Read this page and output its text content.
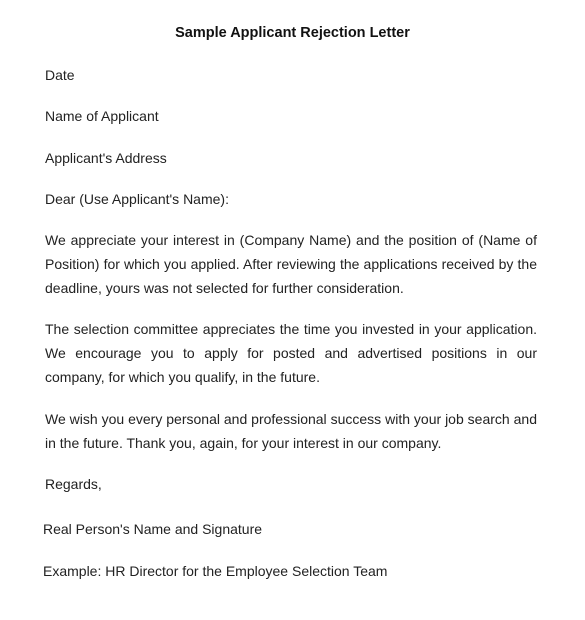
Sample Applicant Rejection Letter

Date

Name of Applicant

Applicant's Address

Dear (Use Applicant's Name):

We appreciate your interest in (Company Name) and the position of (Name of Position) for which you applied. After reviewing the applications received by the deadline, yours was not selected for further consideration.

The selection committee appreciates the time you invested in your application. We encourage you to apply for posted and advertised positions in our company, for which you qualify, in the future.

We wish you every personal and professional success with your job search and in the future. Thank you, again, for your interest in our company.

Regards,

Real Person's Name and Signature

Example: HR Director for the Employee Selection Team
